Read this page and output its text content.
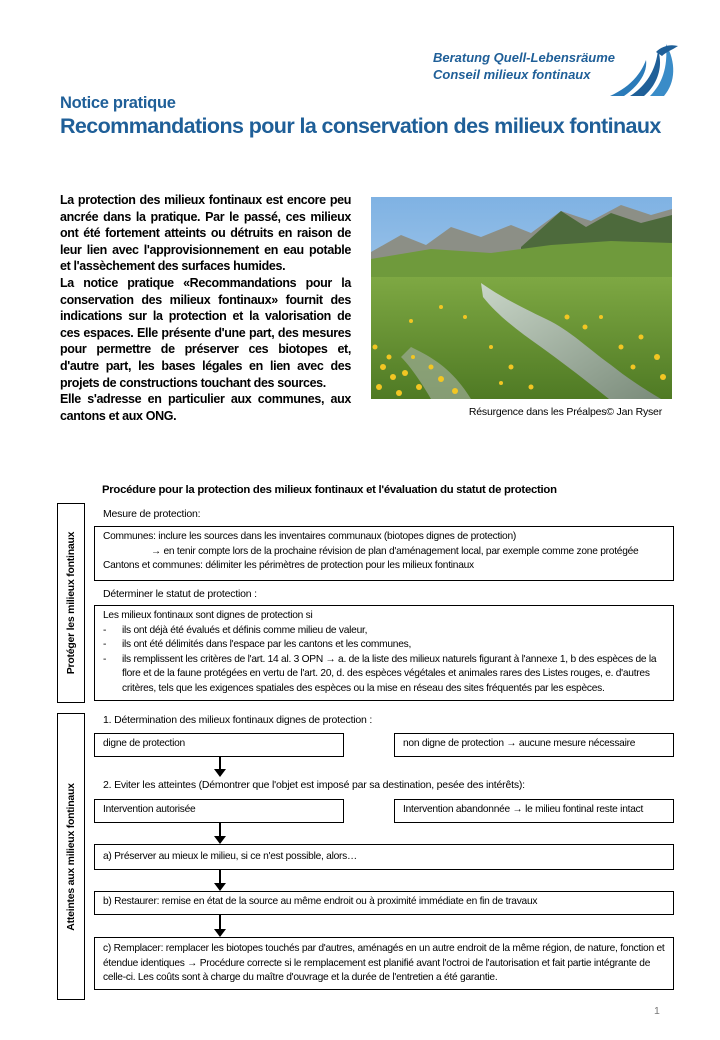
Beratung Quell-Lebensräume
Conseil milieux fontinaux
Notice pratique
Recommandations pour la conservation des milieux fontinaux

La protection des milieux fontinaux est encore peu ancrée dans la pratique. Par le passé, ces milieux ont été fortement atteints ou détruits en raison de leur lien avec l'approvisionnement en eau potable et l'assèchement des surfaces humides.

La notice pratique «Recommandations pour la conservation des milieux fontinaux» fournit des indications sur la protection et la valorisation de ces espaces. Elle présente d'une part, des mesures pour permettre de préserver ces biotopes et, d'autre part, les bases légales en lien avec des projets de constructions touchant des sources.

Elle s'adresse en particulier aux communes, aux cantons et aux ONG.	Résurgence dans les Préalpes© Jan Ryser
Procédure pour la protection des milieux fontinaux et l'évaluation du statut de protection
Protéger les milieux fontinaux
Atteintes aux milieux fontinaux
Mesure de protection:
Communes: inclure les sources dans les inventaires communaux (biotopes dignes de protection)
→ en tenir compte lors de la prochaine révision de plan d'aménagement local, par exemple comme zone protégée
Cantons et communes: délimiter les périmètres de protection pour les milieux fontinaux
Déterminer le statut de protection :
Les milieux fontinaux sont dignes de protection si
- ils ont déjà été évalués et définis comme milieu de valeur,
- ils ont été délimités dans l'espace par les cantons et les communes,
- ils remplissent les critères de l'art. 14 al. 3 OPN → a. de la liste des milieux naturels figurant à l'annexe 1, b des espèces de la flore et de la faune protégées en vertu de l'art. 20, d. des espèces végétales et animales rares des Listes rouges, e. d'autres critères, tels que les exigences spatiales des espèces ou la mise en réseau des sites fréquentés par les espèces.
1. Détermination des milieux fontinaux dignes de protection :
digne de protection	non digne de protection → aucune mesure nécessaire
2. Eviter les atteintes (Démontrer que l'objet est imposé par sa destination, pesée des intérêts):
Intervention autorisée	Intervention abandonnée → le milieu fontinal reste intact
a) Préserver au mieux le milieu, si ce n'est possible, alors…
b) Restaurer: remise en état de la source au même endroit ou à proximité immédiate en fin de travaux
c) Remplacer: remplacer les biotopes touchés par d'autres, aménagés en un autre endroit de la même région, de nature, fonction et étendue identiques → Procédure correcte si le remplacement est planifié avant l'octroi de l'autorisation et fait partie intégrante de celle-ci. Les coûts sont à charge du maître d'ouvrage et la durée de l'entretien a été garantie.
1
